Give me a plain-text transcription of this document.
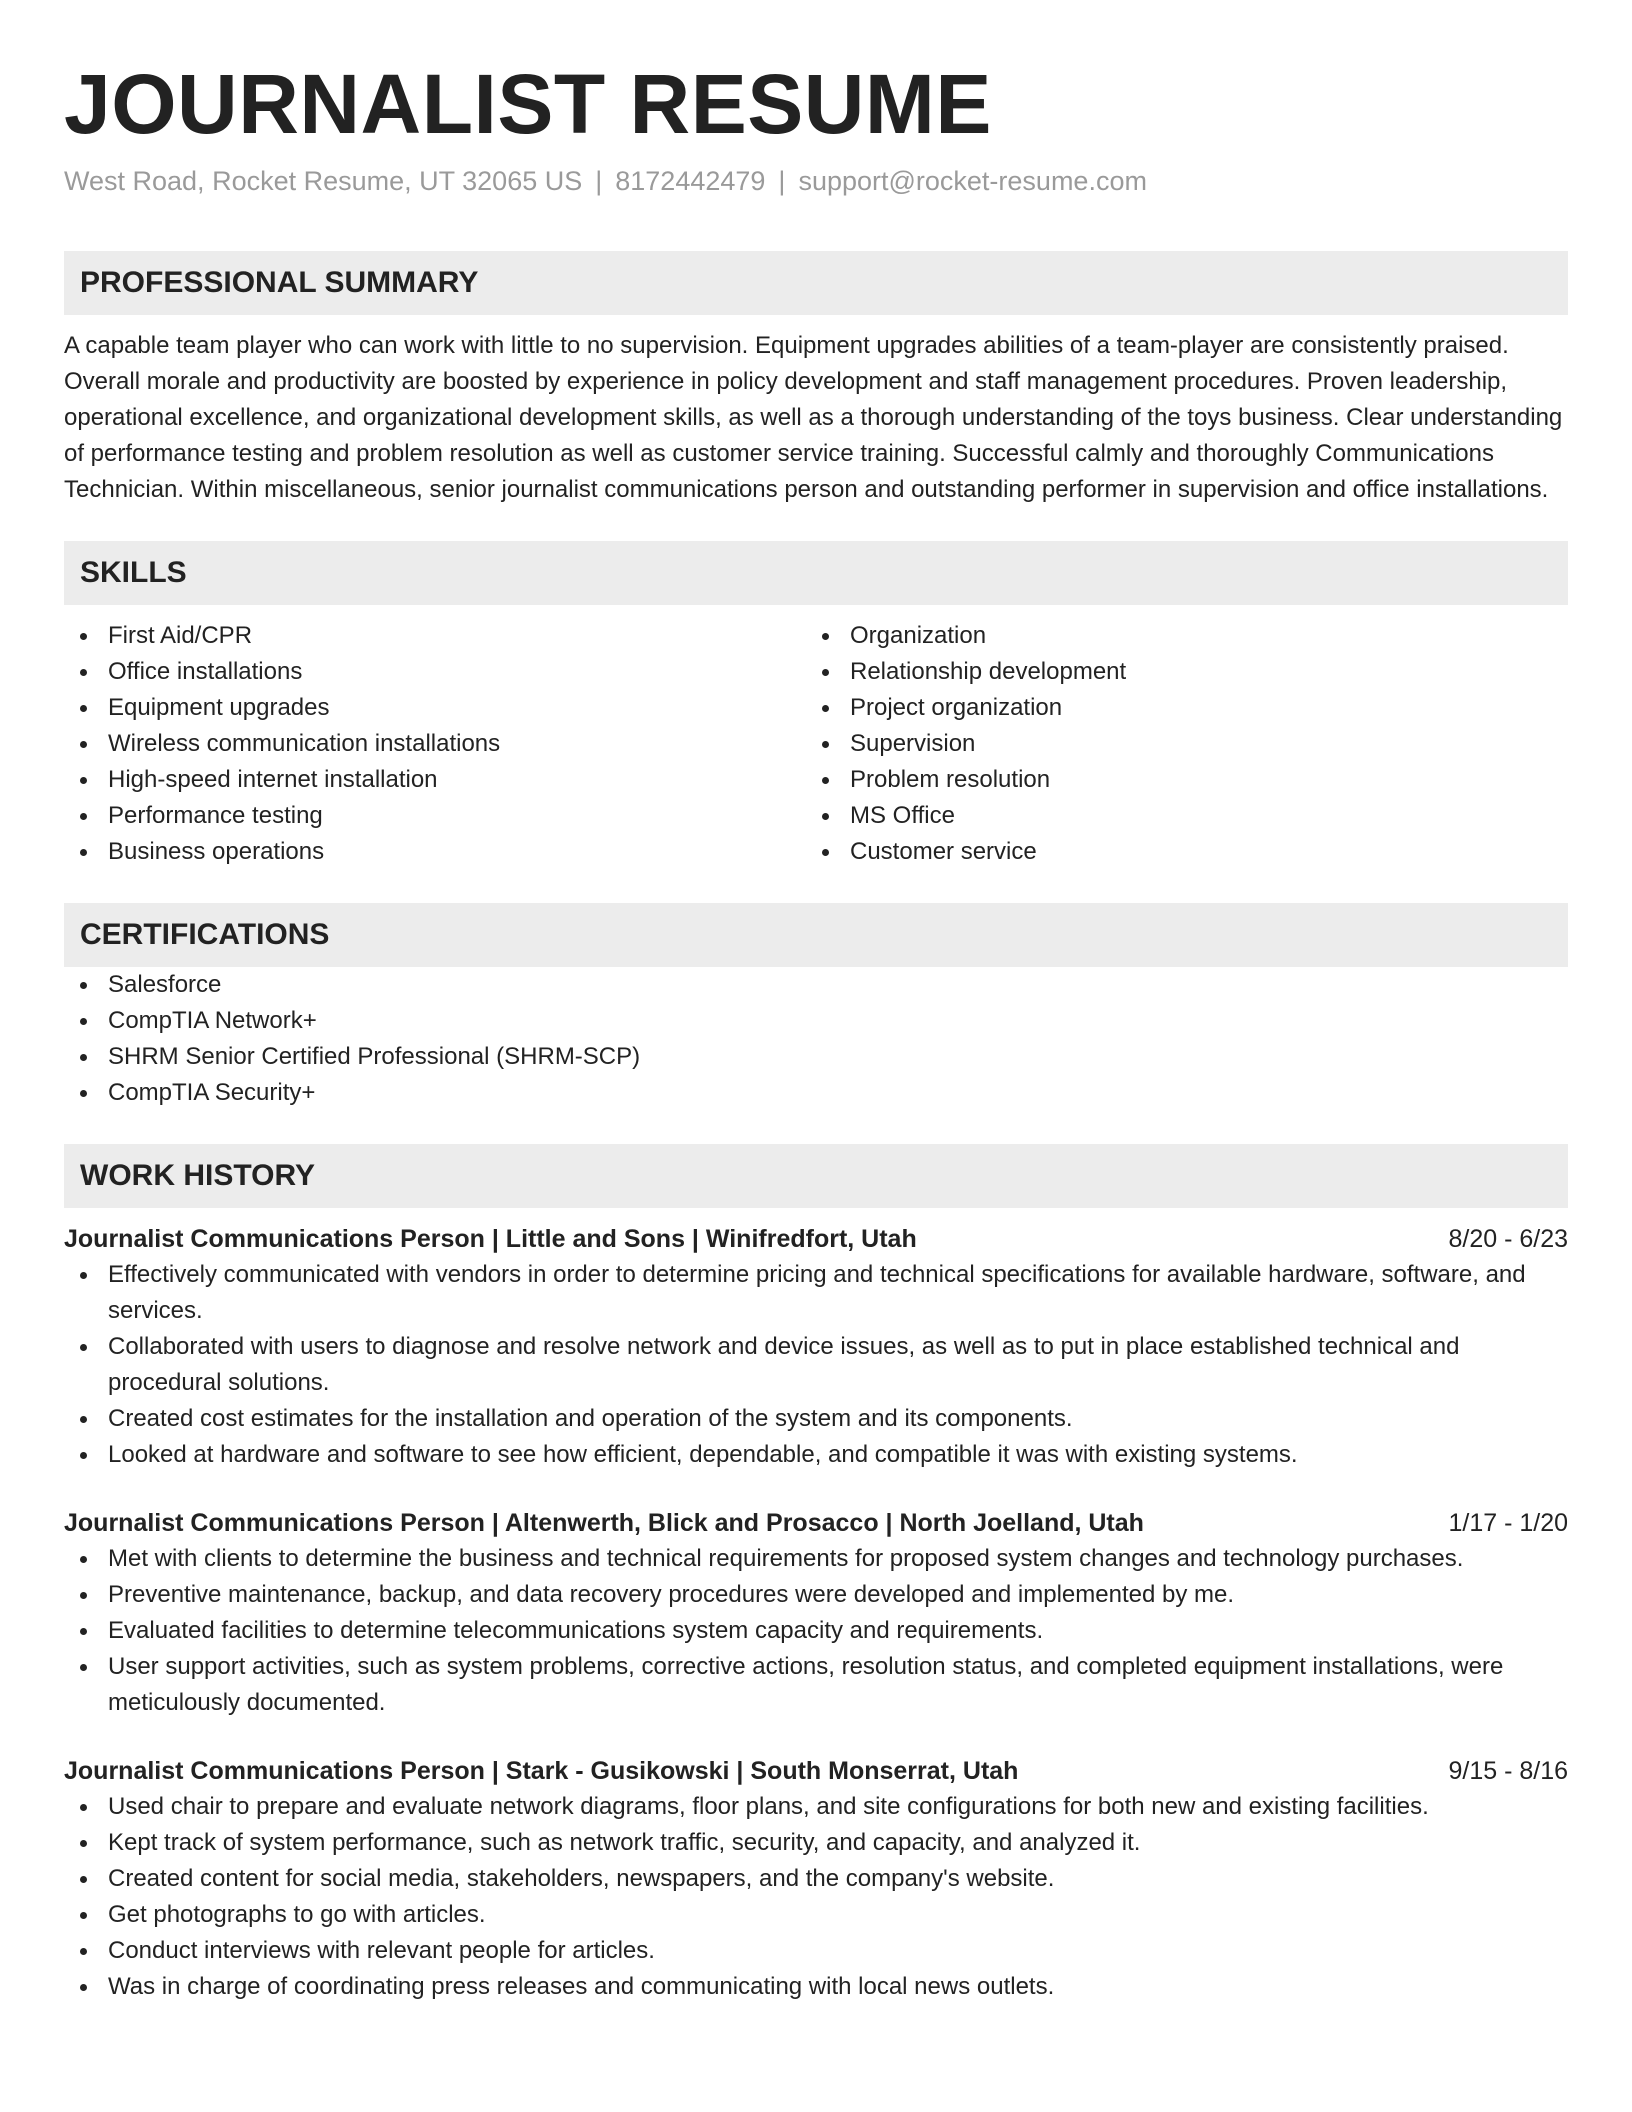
JOURNALIST RESUME
West Road, Rocket Resume, UT 32065 US | 8172442479 | support@rocket-resume.com
PROFESSIONAL SUMMARY

A capable team player who can work with little to no supervision. Equipment upgrades abilities of a team-player are consistently praised. Overall morale and productivity are boosted by experience in policy development and staff management procedures. Proven leadership, operational excellence, and organizational development skills, as well as a thorough understanding of the toys business. Clear understanding of performance testing and problem resolution as well as customer service training. Successful calmly and thoroughly Communications Technician. Within miscellaneous, senior journalist communications person and outstanding performer in supervision and office installations.

SKILLS
First Aid/CPR
Office installations
Equipment upgrades
Wireless communication installations
High-speed internet installation
Performance testing
Business operations
Organization
Relationship development
Project organization
Supervision
Problem resolution
MS Office
Customer service
CERTIFICATIONS
Salesforce
CompTIA Network+
SHRM Senior Certified Professional (SHRM-SCP)
CompTIA Security+
WORK HISTORY
Journalist Communications Person | Little and Sons | Winifredfort, Utah	8/20 - 6/23
Effectively communicated with vendors in order to determine pricing and technical specifications for available hardware, software, and services.
Collaborated with users to diagnose and resolve network and device issues, as well as to put in place established technical and procedural solutions.
Created cost estimates for the installation and operation of the system and its components.
Looked at hardware and software to see how efficient, dependable, and compatible it was with existing systems.
Journalist Communications Person | Altenwerth, Blick and Prosacco | North Joelland, Utah	1/17 - 1/20
Met with clients to determine the business and technical requirements for proposed system changes and technology purchases.
Preventive maintenance, backup, and data recovery procedures were developed and implemented by me.
Evaluated facilities to determine telecommunications system capacity and requirements.
User support activities, such as system problems, corrective actions, resolution status, and completed equipment installations, were meticulously documented.
Journalist Communications Person | Stark - Gusikowski | South Monserrat, Utah	9/15 - 8/16
Used chair to prepare and evaluate network diagrams, floor plans, and site configurations for both new and existing facilities.
Kept track of system performance, such as network traffic, security, and capacity, and analyzed it.
Created content for social media, stakeholders, newspapers, and the company's website.
Get photographs to go with articles.
Conduct interviews with relevant people for articles.
Was in charge of coordinating press releases and communicating with local news outlets.
